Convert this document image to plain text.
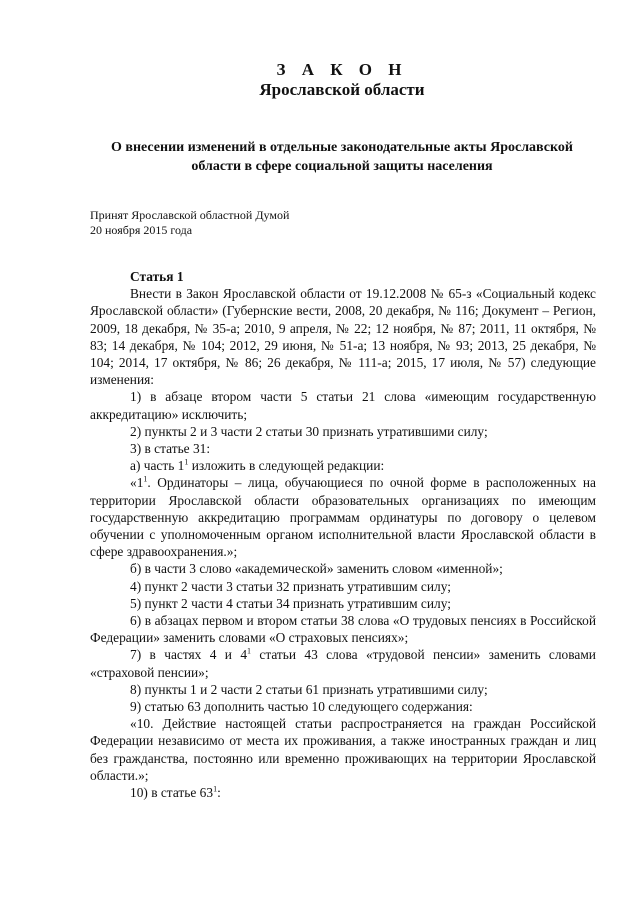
З А К О Н
Ярославской области
О внесении изменений в отдельные законодательные акты Ярославской
области в сфере социальной защиты населения
Принят Ярославской областной Думой
20 ноября 2015 года

Статья 1

Внести в Закон Ярославской области от 19.12.2008 № 65-з «Социальный кодекс Ярославской области» (Губернские вести, 2008, 20 декабря, № 116; Документ – Регион, 2009, 18 декабря, № 35-а; 2010, 9 апреля, № 22; 12 ноября, № 87; 2011, 11 октября, № 83; 14 декабря, № 104; 2012, 29 июня, № 51-а; 13 ноября, № 93; 2013, 25 декабря, № 104; 2014, 17 октября, № 86; 26 декабря, № 111-а; 2015, 17 июля, № 57) следующие изменения:

1) в абзаце втором части 5 статьи 21 слова «имеющим государственную аккредитацию» исключить;

2) пункты 2 и 3 части 2 статьи 30 признать утратившими силу;

3) в статье 31:

а) часть $1^1$ изложить в следующей редакции:

«$1^1$. Ординаторы – лица, обучающиеся по очной форме в расположенных на территории Ярославской области образовательных организациях по имеющим государственную аккредитацию программам ординатуры по договору о целевом обучении с уполномоченным органом исполнительной власти Ярославской области в сфере здравоохранения.»;

б) в части 3 слово «академической» заменить словом «именной»;

4) пункт 2 части 3 статьи 32 признать утратившим силу;

5) пункт 2 части 4 статьи 34 признать утратившим силу;

6) в абзацах первом и втором статьи 38 слова «О трудовых пенсиях в Российской Федерации» заменить словами «О страховых пенсиях»;

7) в частях 4 и $4^1$ статьи 43 слова «трудовой пенсии» заменить словами «страховой пенсии»;

8) пункты 1 и 2 части 2 статьи 61 признать утратившими силу;

9) статью 63 дополнить частью 10 следующего содержания:

«10. Действие настоящей статьи распространяется на граждан Российской Федерации независимо от места их проживания, а также иностранных граждан и лиц без гражданства, постоянно или временно проживающих на территории Ярославской области.»;

10) в статье $63^1$:
